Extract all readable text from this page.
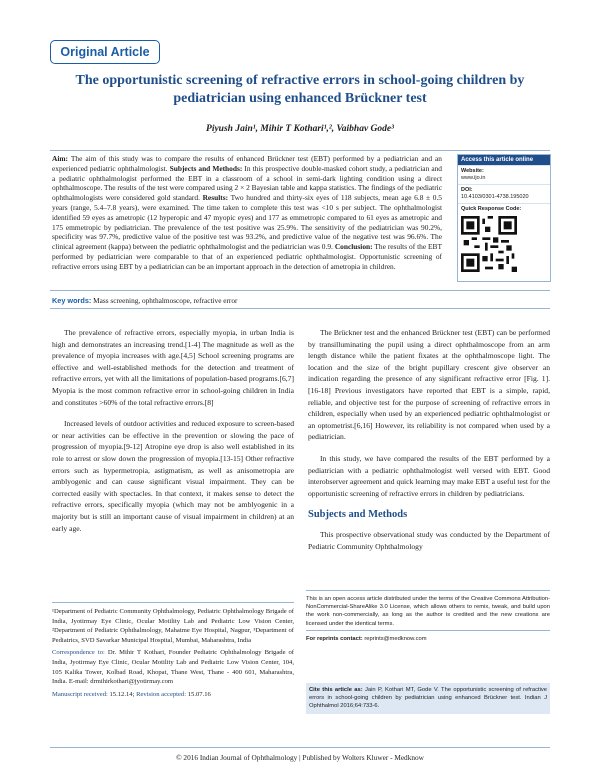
Original Article
The opportunistic screening of refractive errors in school-going children by pediatrician using enhanced Brückner test
Piyush Jain¹, Mihir T Kothari¹,², Vaibhav Gode³
Aim: The aim of this study was to compare the results of enhanced Brückner test (EBT) performed by a pediatrician and an experienced pediatric ophthalmologist. Subjects and Methods: In this prospective double-masked cohort study, a pediatrician and a pediatric ophthalmologist performed the EBT in a classroom of a school in semi-dark lighting condition using a direct ophthalmoscope. The results of the test were compared using 2 × 2 Bayesian table and kappa statistics. The findings of the pediatric ophthalmologists were considered gold standard. Results: Two hundred and thirty-six eyes of 118 subjects, mean age 6.8 ± 0.5 years (range, 5.4–7.8 years), were examined. The time taken to complete this test was <10 s per subject. The ophthalmologist identified 59 eyes as ametropic (12 hyperopic and 47 myopic eyes) and 177 as emmetropic compared to 61 eyes as ametropic and 175 emmetropic by pediatrician. The prevalence of the test positive was 25.9%. The sensitivity of the pediatrician was 90.2%, specificity was 97.7%, predictive value of the positive test was 93.2%, and predictive value of the negative test was 96.6%. The clinical agreement (kappa) between the pediatric ophthalmologist and the pediatrician was 0.9. Conclusion: The results of the EBT performed by pediatrician were comparable to that of an experienced pediatric ophthalmologist. Opportunistic screening of refractive errors using EBT by a pediatrician can be an important approach in the detection of ametropia in children.
Access this article online
Website:
www.ijo.in
DOI:
10.4103/0301-4738.195020
Quick Response Code:
Key words: Mass screening, ophthalmoscope, refractive error

The prevalence of refractive errors, especially myopia, in urban India is high and demonstrates an increasing trend.[1-4] The magnitude as well as the prevalence of myopia increases with age.[4,5] School screening programs are effective and well-established methods for the detection and treatment of refractive errors, yet with all the limitations of population-based programs.[6,7] Myopia is the most common refractive error in school-going children in India and constitutes >60% of the total refractive errors.[8]

Increased levels of outdoor activities and reduced exposure to screen-based or near activities can be effective in the prevention or slowing the pace of progression of myopia.[9-12] Atropine eye drop is also well established in its role to arrest or slow down the progression of myopia.[13-15] Other refractive errors such as hypermetropia, astigmatism, as well as anisometropia are amblyogenic and can cause significant visual impairment. They can be corrected easily with spectacles. In that context, it makes sense to detect the refractive errors, specifically myopia (which may not be amblyogenic in a majority but is still an important cause of visual impairment in children) at an early age.

The Brückner test and the enhanced Brückner test (EBT) can be performed by transilluminating the pupil using a direct ophthalmoscope from an arm length distance while the patient fixates at the ophthalmoscope light. The location and the size of the bright pupillary crescent give observer an indication regarding the presence of any significant refractive error [Fig. 1].[16-18] Previous investigators have reported that EBT is a simple, rapid, reliable, and objective test for the purpose of screening of refractive errors in children, especially when used by an experienced pediatric ophthalmologist or an optometrist.[6,16] However, its reliability is not compared when used by a pediatrician.

In this study, we have compared the results of the EBT performed by a pediatrician with a pediatric ophthalmologist well versed with EBT. Good interobserver agreement and quick learning may make EBT a useful test for the opportunistic screening of refractive errors in children by pediatricians.

Subjects and Methods

This prospective observational study was conducted by the Department of Pediatric Community Ophthalmology

¹Department of Pediatric Community Ophthalmology, Pediatric Ophthalmology Brigade of India, Jyotirmay Eye Clinic, Ocular Motility Lab and Pediatric Low Vision Center, ²Department of Pediatric Ophthalmology, Mahatme Eye Hospital, Nagpur, ³Department of Pediatrics, SVD Savarkar Municipal Hospital, Mumbai, Maharashtra, India
Correspondence to: Dr. Mihir T Kothari, Founder Pediatric Ophthalmology Brigade of India, Jyotirmay Eye Clinic, Ocular Motility Lab and Pediatric Low Vision Center, 104, 105 Kalika Tower, Kolbad Road, Khopat, Thane West, Thane - 400 601, Maharashtra, India. E-mail: drmihirkothari@jyotirmay.com
Manuscript received: 15.12.14; Revision accepted: 15.07.16
This is an open access article distributed under the terms of the Creative Commons Attribution-NonCommercial-ShareAlike 3.0 License, which allows others to remix, tweak, and build upon the work non-commercially, as long as the author is credited and the new creations are licensed under the identical terms.
For reprints contact: reprints@medknow.com
Cite this article as: Jain P, Kothari MT, Gode V. The opportunistic screening of refractive errors in school-going children by pediatrician using enhanced Brückner test. Indian J Ophthalmol 2016;64:733-6.
© 2016 Indian Journal of Ophthalmology | Published by Wolters Kluwer - Medknow
